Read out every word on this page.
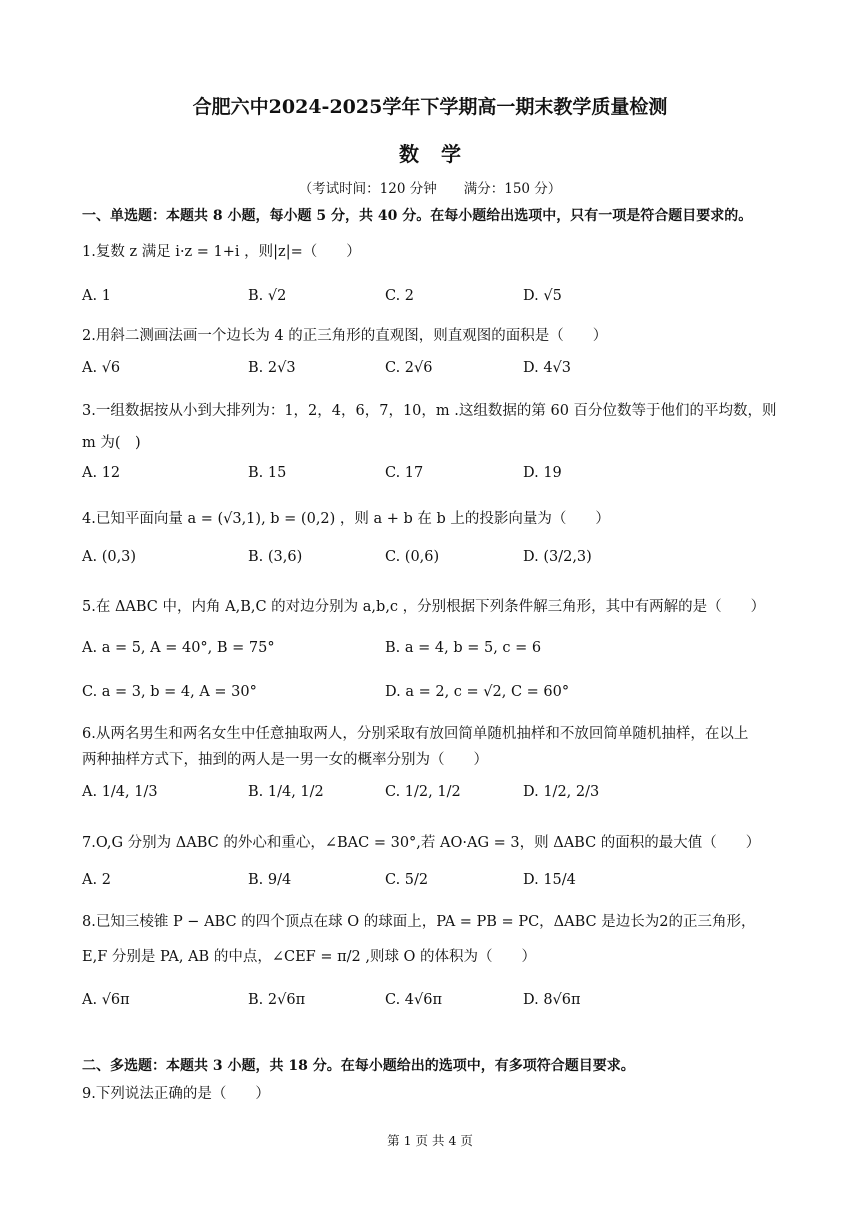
合肥六中2024-2025学年下学期高一期末教学质量检测
数学
（考试时间：120 分钟　　满分：150 分）
一、单选题：本题共 8 小题，每小题 5 分，共 40 分。在每小题给出选项中，只有一项是符合题目要求的。
1.复数 z 满足 i·z = 1+i ，则|z|=（　　）
A. 1	B. √2	C. 2	D. √5
2.用斜二测画法画一个边长为 4 的正三角形的直观图，则直观图的面积是（　　）
A. √6	B. 2√3	C. 2√6	D. 4√3
3.一组数据按从小到大排列为：1，2，4，6，7，10，m .这组数据的第 60 百分位数等于他们的平均数，则
m 为(　)
A. 12	B. 15	C. 17	D. 19
4.已知平面向量 a = (√3,1), b = (0,2) ，则 a + b 在 b 上的投影向量为（　　）
A. (0,3)	B. (3,6)	C. (0,6)	D. (3/2,3)
5.在 ΔABC 中，内角 A,B,C 的对边分别为 a,b,c ，分别根据下列条件解三角形，其中有两解的是（　　）
A. a = 5, A = 40°, B = 75°	B. a = 4, b = 5, c = 6
C. a = 3, b = 4, A = 30°	D. a = 2, c = √2, C = 60°
6.从两名男生和两名女生中任意抽取两人，分别采取有放回简单随机抽样和不放回简单随机抽样，在以上
两种抽样方式下，抽到的两人是一男一女的概率分别为（　　）
A. 1/4, 1/3	B. 1/4, 1/2	C. 1/2, 1/2	D. 1/2, 2/3
7.O,G 分别为 ΔABC 的外心和重心，∠BAC = 30°,若 AO·AG = 3，则 ΔABC 的面积的最大值（　　）
A. 2	B. 9/4	C. 5/2	D. 15/4
8.已知三棱锥 P − ABC 的四个顶点在球 O 的球面上，PA = PB = PC，ΔABC 是边长为2的正三角形，
E,F 分别是 PA, AB 的中点，∠CEF = π/2 ,则球 O 的体积为（　　）
A. √6π	B. 2√6π	C. 4√6π	D. 8√6π
二、多选题：本题共 3 小题，共 18 分。在每小题给出的选项中，有多项符合题目要求。
9.下列说法正确的是（　　）
第 1 页 共 4 页
